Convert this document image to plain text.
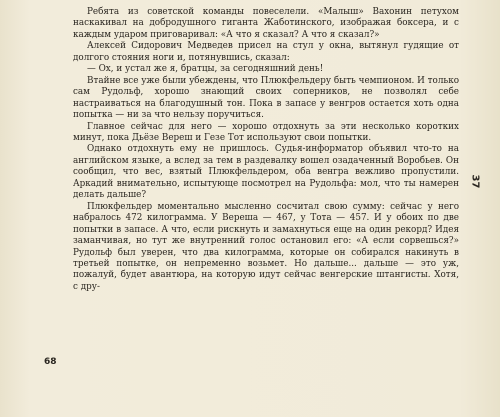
Ребята из советской команды повеселели. «Малыш» Вахонин петухом наскакивал на добродушного гиганта Жаботинского, изображая боксера, и с каждым ударом приговаривал: «А что я сказал? А что я сказал?»

Алексей Сидорович Медведев присел на стул у окна, вытянул гудящие от долгого стояния ноги и, потянувшись, сказал:

— Ох, и устал же я, братцы, за сегодняшний день!

Втайне все уже были убеждены, что Плюкфельдеру быть чемпионом. И только сам Рудольф, хорошо знающий своих соперников, не позволял себе настраиваться на благодушный тон. Пока в запасе у венгров остается хоть одна попытка — ни за что нельзу поручиться.

Главное сейчас для него — хорошо отдохнуть за эти несколько коротких минут, пока Дьёзе Вереш и Гезе Тот используют свои попытки.

Однако отдохнуть ему не пришлось. Судья-информатор объявил что-то на английском языке, а вслед за тем в раздевалку вошел озадаченный Воробьев. Он сообщил, что вес, взятый Плюкфельдером, оба венгра вежливо пропустили. Аркадий внимательно, испытующе посмотрел на Рудольфа: мол, что ты намерен делать дальше?

Плюкфельдер моментально мысленно сосчитал свою сумму: сейчас у него набралось 472 килограмма. У Вереша — 467, у Тота — 457. И у обоих по две попытки в запасе. А что, если рискнуть и замахнуться еще на один рекорд? Идея заманчивая, но тут же внутренний голос остановил его: «А если сорвешься?» Рудольф был уверен, что два килограмма, которые он собирался накинуть в третьей попытке, он непременно возьмет. Но дальше... дальше — это уж, пожалуй, будет авантюра, на которую идут сейчас венгерские штангисты. Хотя, с дру-

68
37
